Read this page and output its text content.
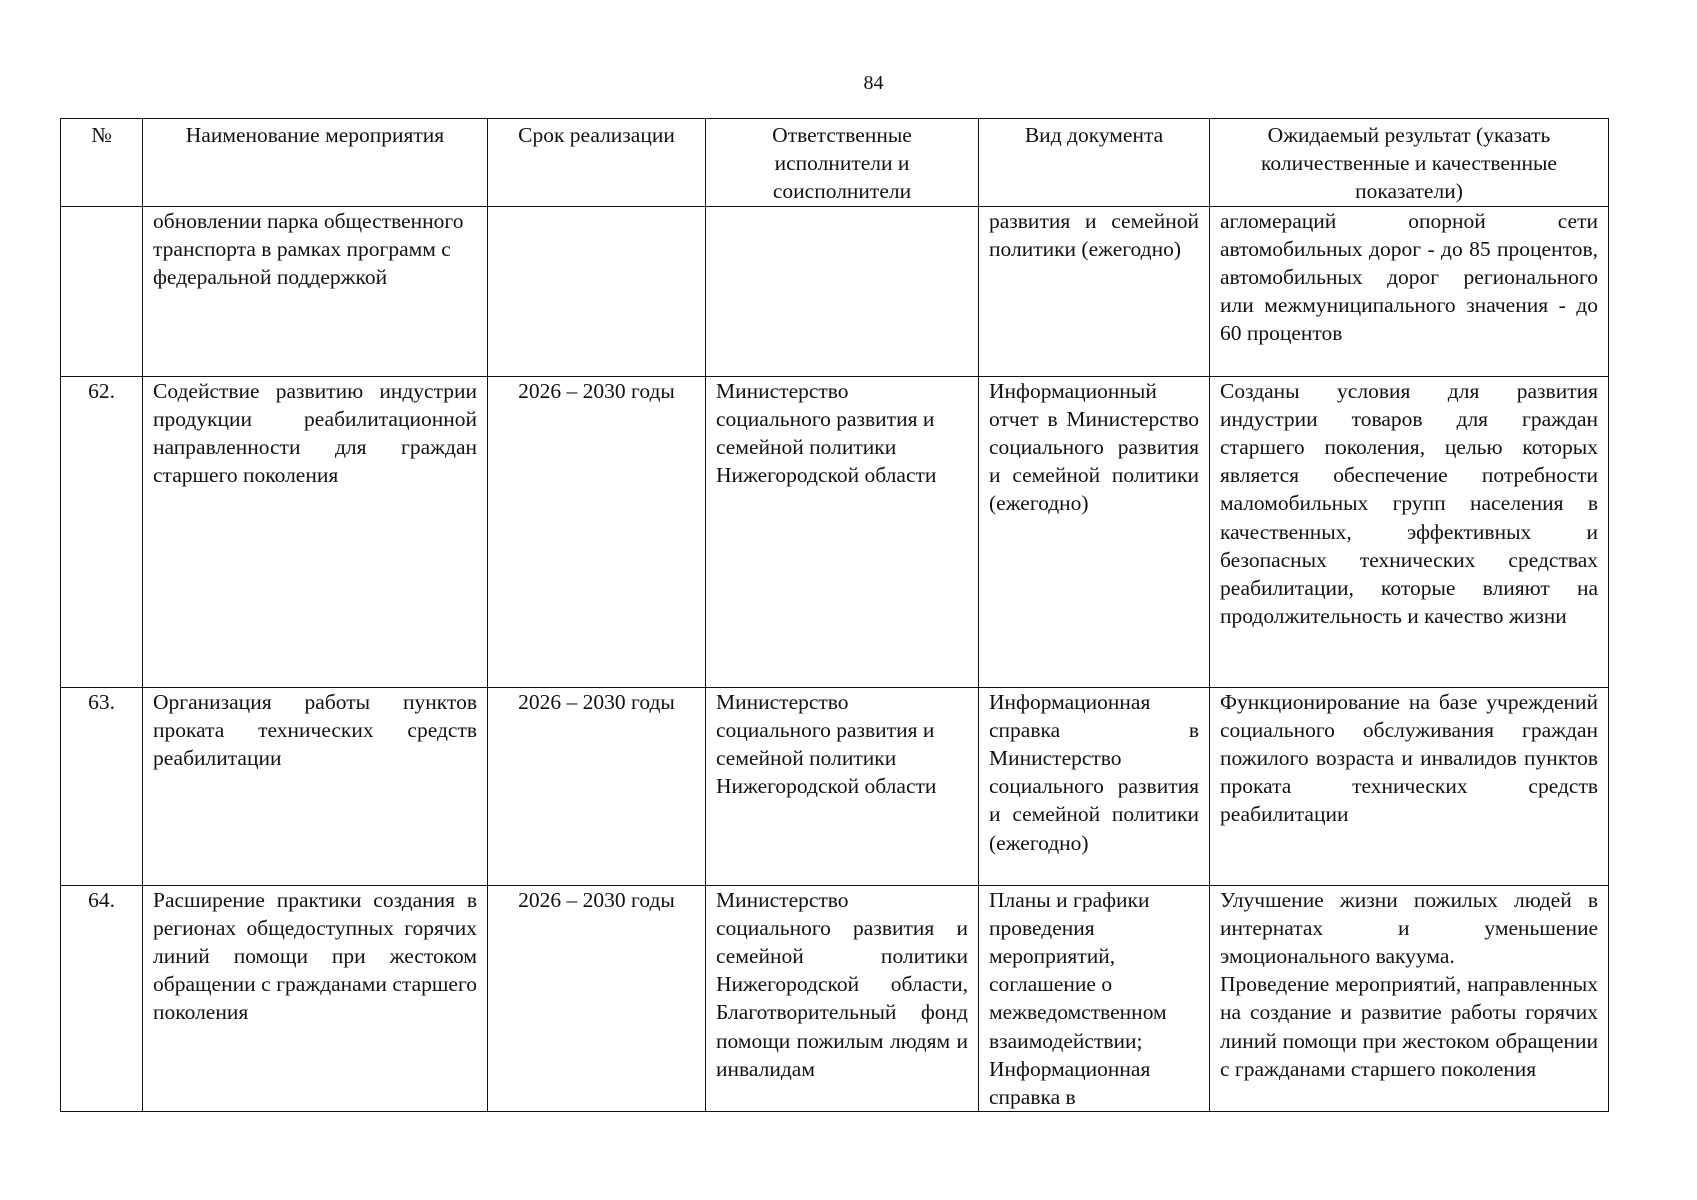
84
№	Наименование мероприятия	Срок реализации	Ответственные исполнители и соисполнители	Вид документа	Ожидаемый результат (указать количественные и качественные показатели)
	обновлении парка общественного транспорта в рамках программ с федеральной поддержкой			развития и семейной политики (ежегодно)	агломераций опорной сети автомобильных дорог - до 85 процентов, автомобильных дорог регионального или межмуниципального значения - до 60 процентов
62.	Содействие развитию индустрии продукции реабилитационной направленности для граждан старшего поколения	2026 – 2030 годы	Министерство социального развития и семейной политики Нижегородской области	Информационный отчет в Министерство социального развития и семейной политики (ежегодно)	Созданы условия для развития индустрии товаров для граждан старшего поколения, целью которых является обеспечение потребности маломобильных групп населения в качественных, эффективных и безопасных технических средствах реабилитации, которые влияют на продолжительность и качество жизни
63.	Организация работы пунктов проката технических средств реабилитации	2026 – 2030 годы	Министерство социального развития и семейной политики Нижегородской области	Информационная справка в Министерство социального развития и семейной политики (ежегодно)	Функционирование на базе учреждений социального обслуживания граждан пожилого возраста и инвалидов пунктов проката технических средств реабилитации
64.	Расширение практики создания в регионах общедоступных горячих линий помощи при жестоком обращении с гражданами старшего поколения	2026 – 2030 годы	Министерство социального развития и семейной политики Нижегородской области, Благотворительный фонд помощи пожилым людям и инвалидам	Планы и графики проведения мероприятий, соглашение о межведомственном взаимодействии; Информационная справка в	Улучшение жизни пожилых людей в интернатах и уменьшение эмоционального вакуума.
Проведение мероприятий, направленных на создание и развитие работы горячих линий помощи при жестоком обращении с гражданами старшего поколения
